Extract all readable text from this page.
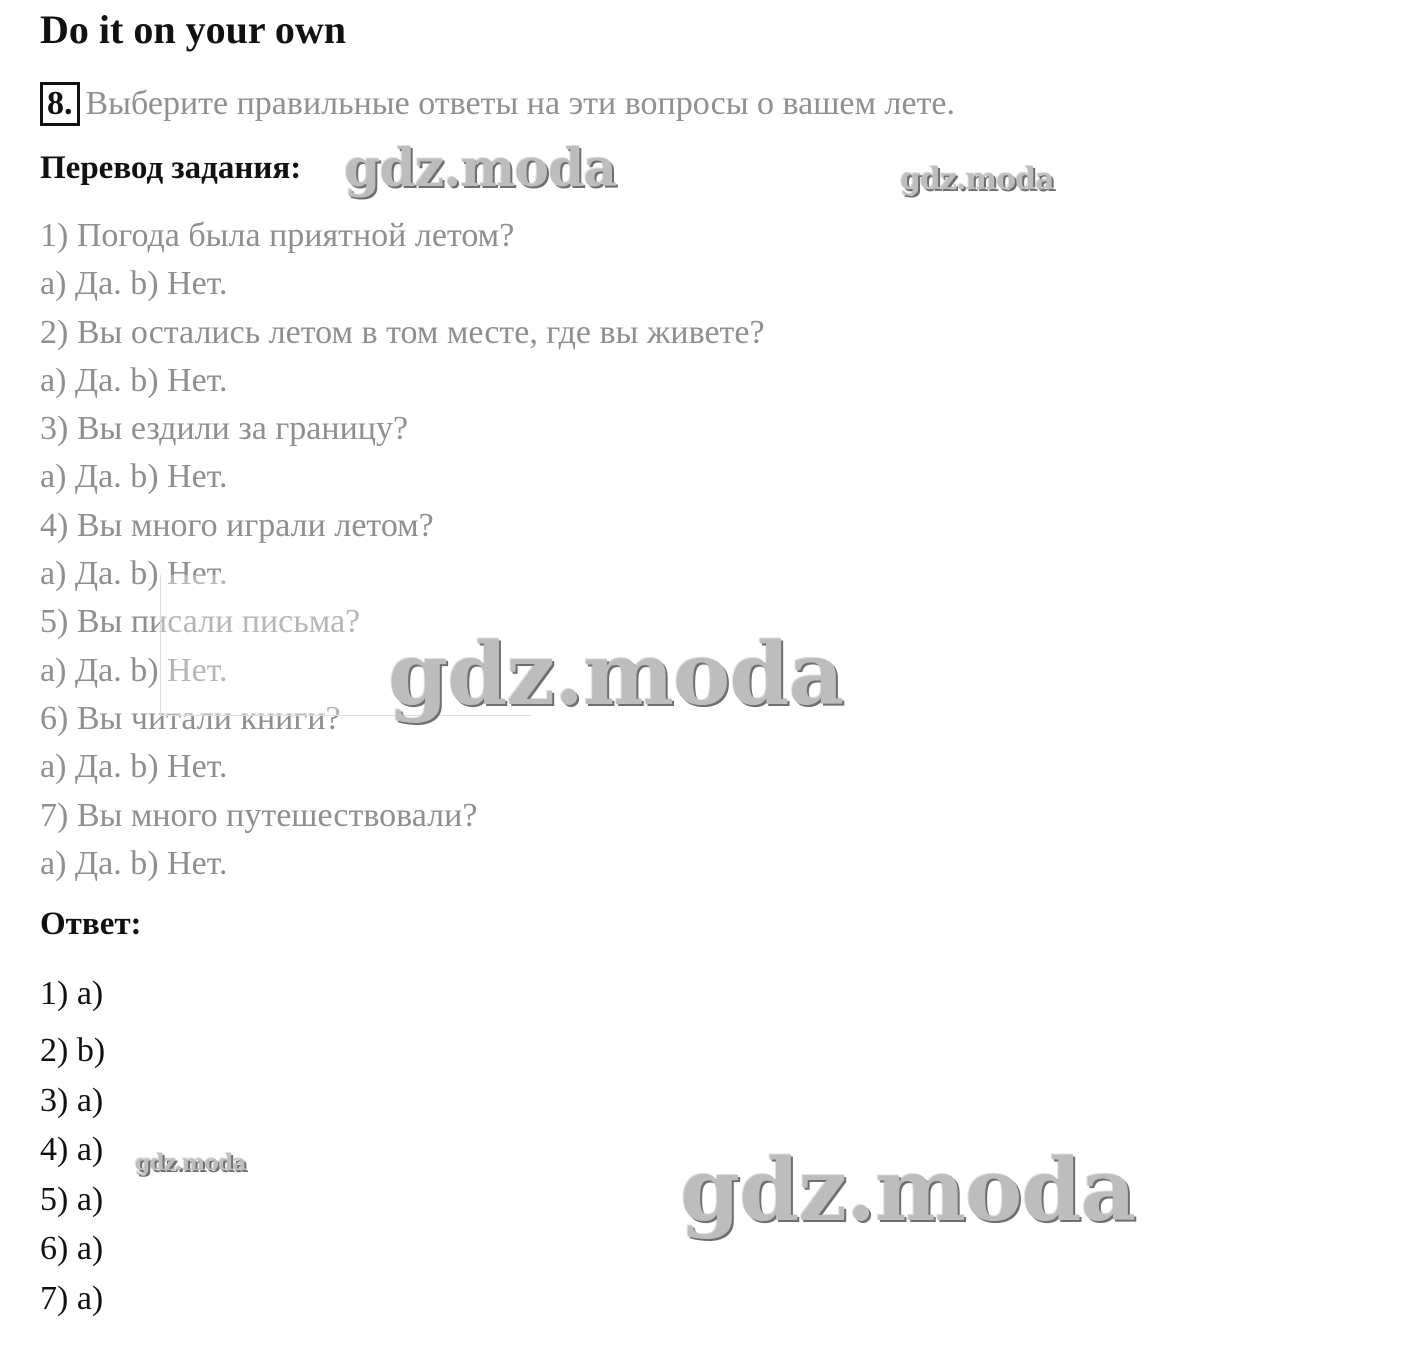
Do it on your own
8. Выберите правильные ответы на эти вопросы о вашем лете.
Перевод задания:
1) Погода была приятной летом?
a) Да. b) Нет.
2) Вы остались летом в том месте, где вы живете?
a) Да. b) Нет.
3) Вы ездили за границу?
a) Да. b) Нет.
4) Вы много играли летом?
a) Да. b) Нет.
5) Вы писали письма?
a) Да. b) Нет.
6) Вы читали книги?
a) Да. b) Нет.
7) Вы много путешествовали?
a) Да. b) Нет.
Ответ:
1) a)
2) b)
3) a)
4) a)
5) a)
6) a)
7) a)
gdz.moda	gdz.moda
gdz.moda
gdz.moda	gdz.moda
